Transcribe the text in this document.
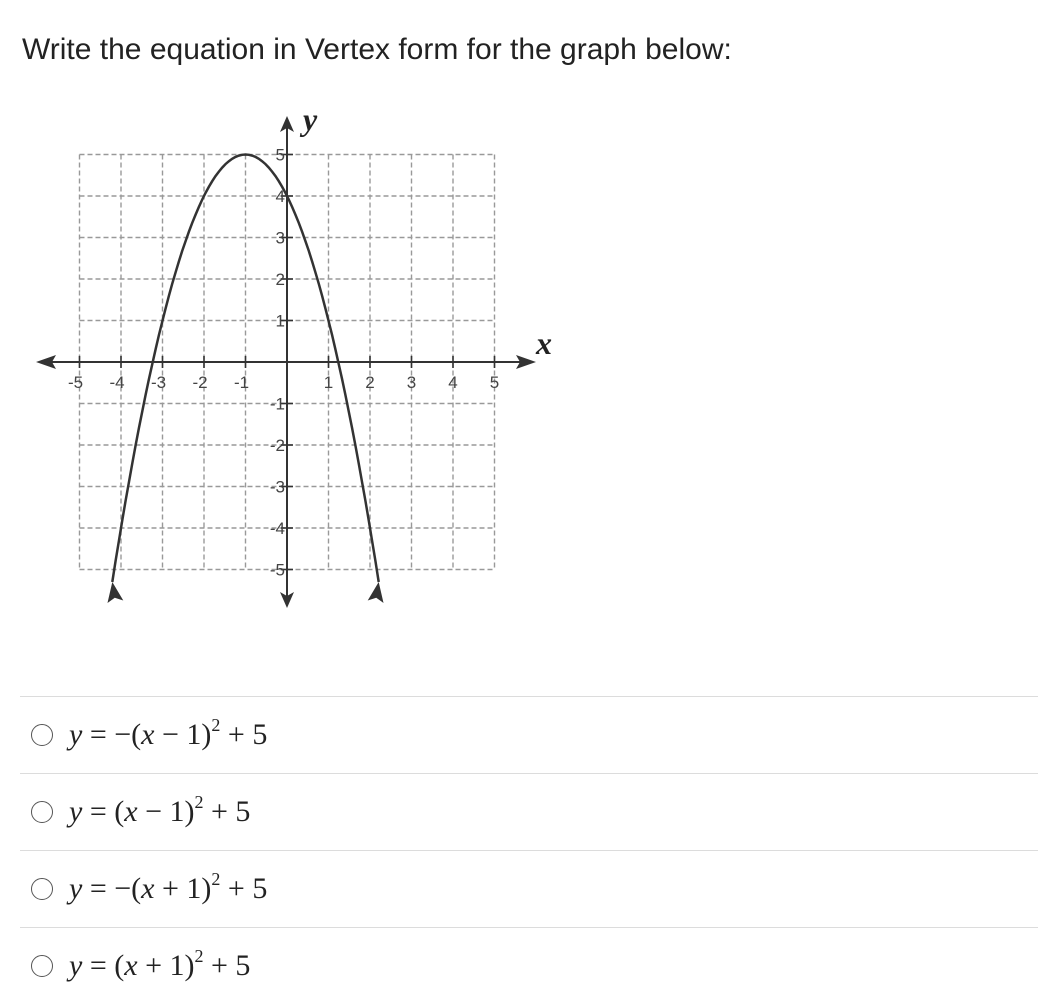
Write the equation in Vertex form for the graph below:
-5 -4 -3 -2 -1	1 2 3 4 5
5
4
3
2
1
-1
-2
-3
-4
-5
x
y
$y = -(x - 1)^2 + 5$
$y = (x - 1)^2 + 5$
$y = -(x + 1)^2 + 5$
$y = (x + 1)^2 + 5$
